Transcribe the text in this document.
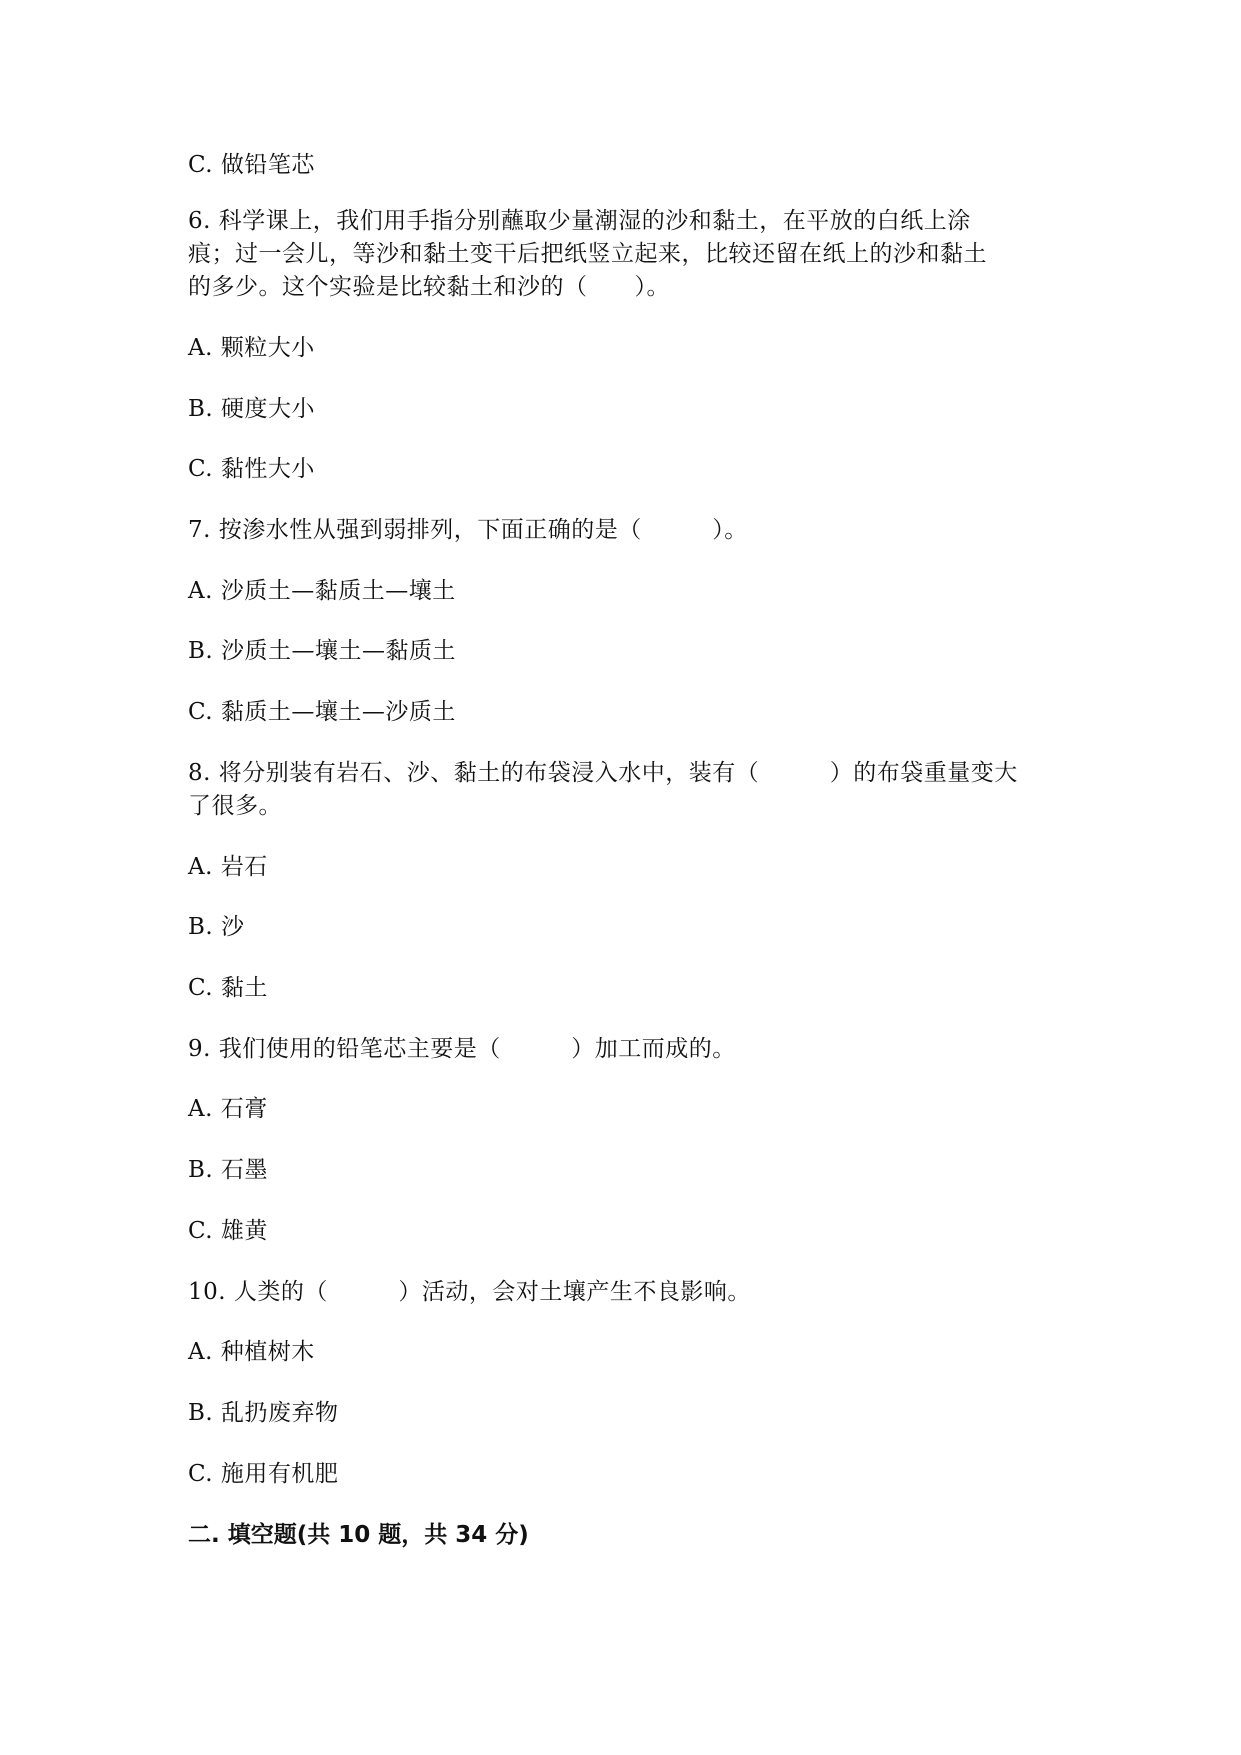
C. 做铅笔芯
6. 科学课上，我们用手指分别蘸取少量潮湿的沙和黏土，在平放的白纸上涂
痕；过一会儿，等沙和黏土变干后把纸竖立起来，比较还留在纸上的沙和黏土
的多少。这个实验是比较黏土和沙的（　　）。
A. 颗粒大小
B. 硬度大小
C. 黏性大小
7. 按渗水性从强到弱排列，下面正确的是（　　　）。
A. 沙质土—黏质土—壤土
B. 沙质土—壤土—黏质土
C. 黏质土—壤土—沙质土
8. 将分别装有岩石、沙、黏土的布袋浸入水中，装有（　　　）的布袋重量变大
了很多。
A. 岩石
B. 沙
C. 黏土
9. 我们使用的铅笔芯主要是（　　　）加工而成的。
A. 石膏
B. 石墨
C. 雄黄
10. 人类的（　　　）活动，会对土壤产生不良影响。
A. 种植树木
B. 乱扔废弃物
C. 施用有机肥
二. 填空题(共 10 题，共 34 分)
